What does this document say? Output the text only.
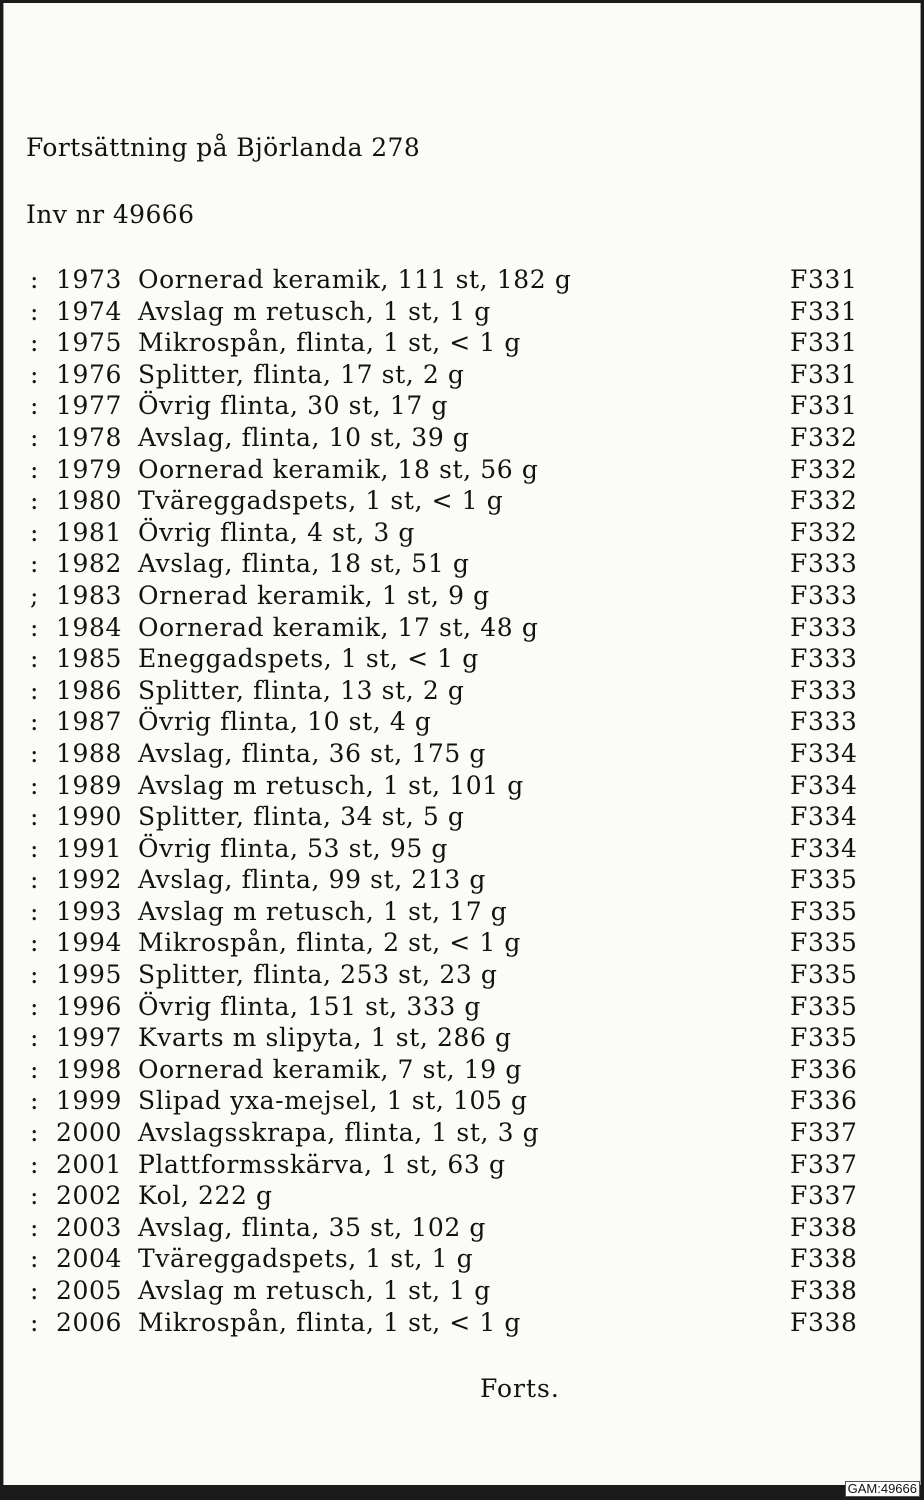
Fortsättning på Björlanda 278
Inv nr 49666
: 1973 Oornerad keramik, 111 st, 182 g	F331
: 1974 Avslag m retusch, 1 st, 1 g	F331
: 1975 Mikrospån, flinta, 1 st, < 1 g	F331
: 1976 Splitter, flinta, 17 st, 2 g	F331
: 1977 Övrig flinta, 30 st, 17 g	F331
: 1978 Avslag, flinta, 10 st, 39 g	F332
: 1979 Oornerad keramik, 18 st, 56 g	F332
: 1980 Tväreggadspets, 1 st, < 1 g	F332
: 1981 Övrig flinta, 4 st, 3 g	F332
: 1982 Avslag, flinta, 18 st, 51 g	F333
; 1983 Ornerad keramik, 1 st, 9 g	F333
: 1984 Oornerad keramik, 17 st, 48 g	F333
: 1985 Eneggadspets, 1 st, < 1 g	F333
: 1986 Splitter, flinta, 13 st, 2 g	F333
: 1987 Övrig flinta, 10 st, 4 g	F333
: 1988 Avslag, flinta, 36 st, 175 g	F334
: 1989 Avslag m retusch, 1 st, 101 g	F334
: 1990 Splitter, flinta, 34 st, 5 g	F334
: 1991 Övrig flinta, 53 st, 95 g	F334
: 1992 Avslag, flinta, 99 st, 213 g	F335
: 1993 Avslag m retusch, 1 st, 17 g	F335
: 1994 Mikrospån, flinta, 2 st, < 1 g	F335
: 1995 Splitter, flinta, 253 st, 23 g	F335
: 1996 Övrig flinta, 151 st, 333 g	F335
: 1997 Kvarts m slipyta, 1 st, 286 g	F335
: 1998 Oornerad keramik, 7 st, 19 g	F336
: 1999 Slipad yxa-mejsel, 1 st, 105 g	F336
: 2000 Avslagsskrapa, flinta, 1 st, 3 g	F337
: 2001 Plattformsskärva, 1 st, 63 g	F337
: 2002 Kol, 222 g	F337
: 2003 Avslag, flinta, 35 st, 102 g	F338
: 2004 Tväreggadspets, 1 st, 1 g	F338
: 2005 Avslag m retusch, 1 st, 1 g	F338
: 2006 Mikrospån, flinta, 1 st, < 1 g	F338
Forts.
GAM:49666
